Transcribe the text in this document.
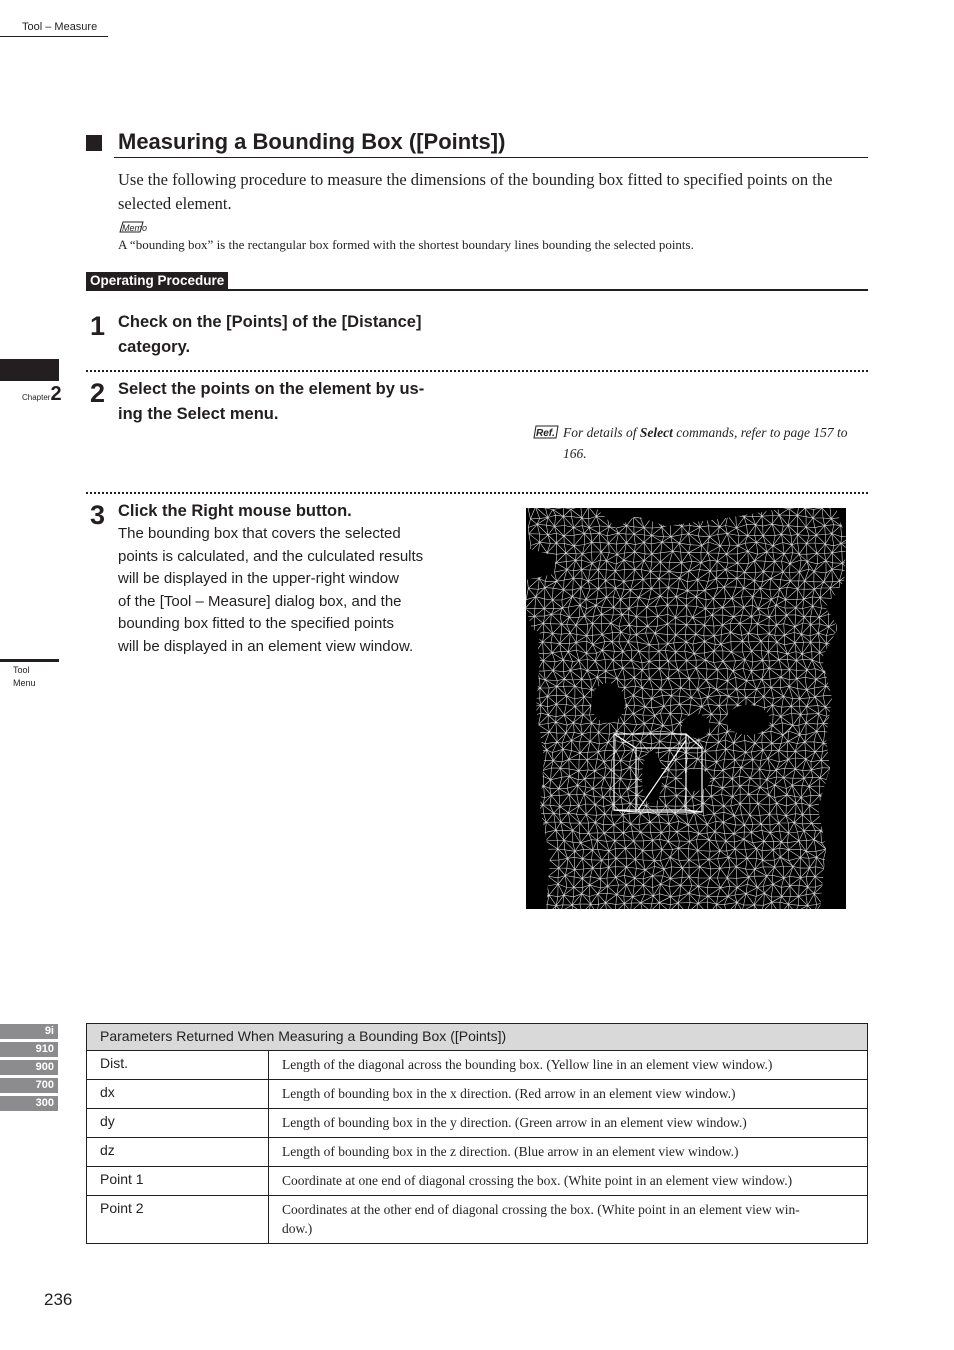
Tool – Measure
Chapter2
Tool
Menu
9i
910
900
700
300
Measuring a Bounding Box ([Points])
Use the following procedure to measure the dimensions of the bounding box fitted to specified points on the selected element.
Memo
A “bounding box” is the rectangular box formed with the shortest boundary lines bounding the selected points.
Operating Procedure
1 Check on the [Points] of the [Distance]
category.
2 Select the points on the element by us-
ing the Select menu.
Ref. For details of Select commands, refer to page 157 to
166.
3 Click the Right mouse button.
The bounding box that covers the selected
points is calculated, and the culculated results
will be displayed in the upper-right window
of the [Tool – Measure] dialog box, and the
bounding box fitted to the specified points
will be displayed in an element view window.
Parameters Returned When Measuring a Bounding Box ([Points])	
Dist.	Length of the diagonal across the bounding box. (Yellow line in an element view window.)
dx	Length of bounding box in the x direction. (Red arrow in an element view window.)
dy	Length of bounding box in the y direction. (Green arrow in an element view window.)
dz	Length of bounding box in the z direction. (Blue arrow in an element view window.)
Point 1	Coordinate at one end of diagonal crossing the box. (White point in an element view window.)
Point 2	Coordinates at the other end of diagonal crossing the box. (White point in an element view win-
dow.)
236
